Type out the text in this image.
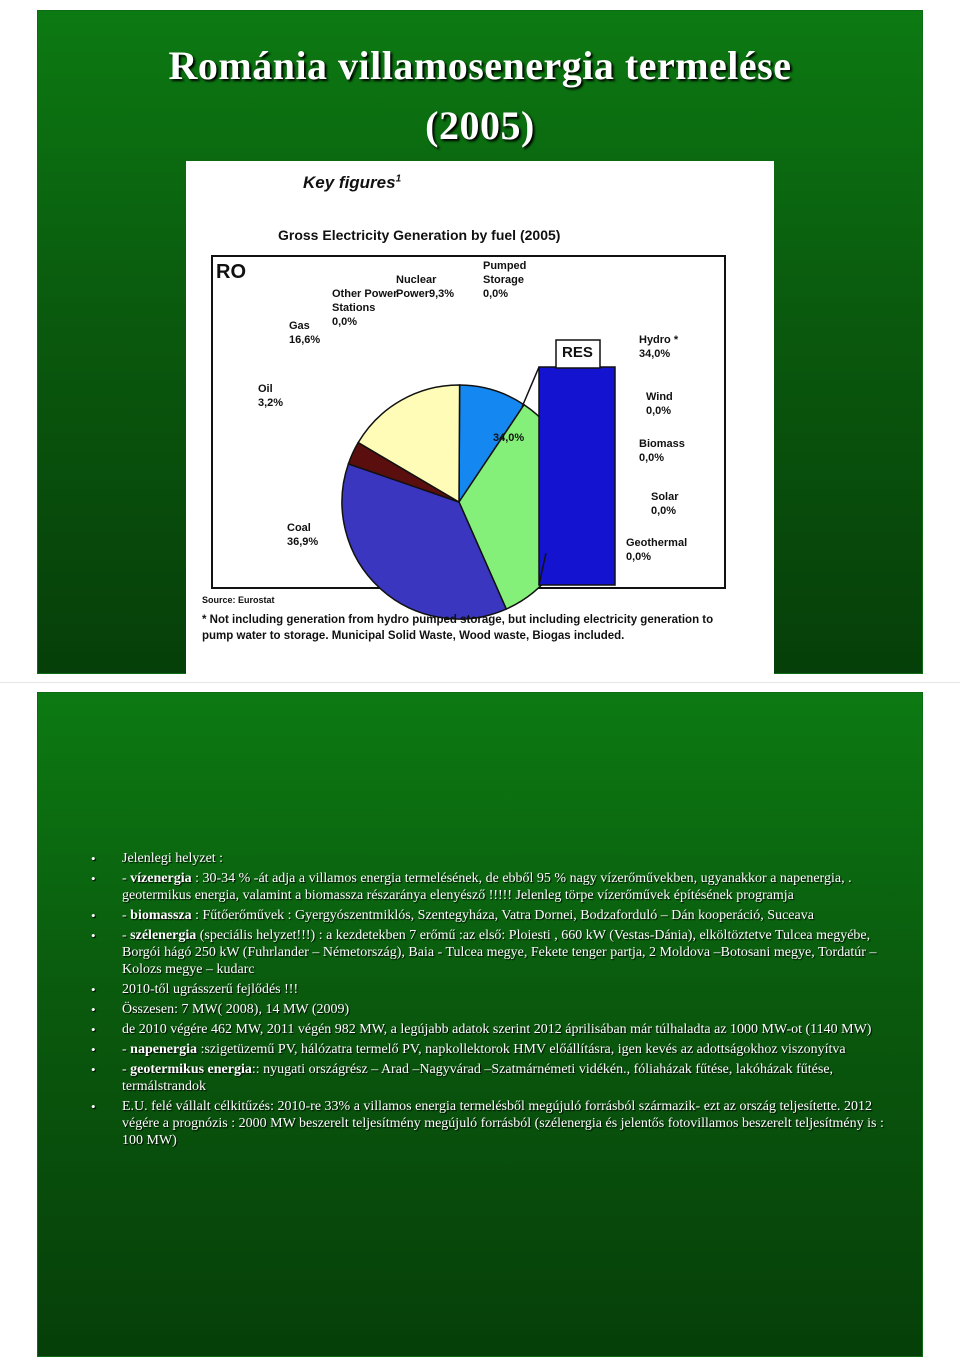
Románia villamosenergia termelése
(2005)
Key figures$^1$
Gross Electricity Generation by fuel (2005)
RO
RES
Nuclear
Power9,3%
Other Power
Stations
0,0%
Pumped
Storage
0,0%
Gas
16,6%
Oil
3,2%
Coal
36,9%
34,0%
Hydro *
34,0%
Wind
0,0%
Biomass
0,0%
Solar
0,0%
Geothermal
0,0%
Source: Eurostat
* Not including generation from hydro pumped storage, but including electricity generation to pump water to storage. Municipal Solid Waste, Wood waste, Biogas included.
• Jelenlegi helyzet :
• - vízenergia : 30-34 % -át adja a villamos energia termelésének, de ebből 95 % nagy vízerőművekben, ugyanakkor a napenergia, . geotermikus energia, valamint a biomassza részaránya elenyésző !!!!! Jelenleg törpe vízerőművek építésének programja
• - biomassza : Fűtőerőművek : Gyergyószentmiklós, Szentegyháza, Vatra Dornei, Bodzaforduló – Dán kooperáció, Suceava
• - szélenergia (speciális helyzet!!!) : a kezdetekben 7 erőmű :az első: Ploiesti , 660 kW (Vestas-Dánia), elköltöztetve Tulcea megyébe, Borgói hágó 250 kW (Fuhrlander – Németország), Baia - Tulcea megye, Fekete tenger partja, 2 Moldova –Botosani megye, Tordatúr –Kolozs megye – kudarc
• 2010-től ugrásszerű fejlődés !!!
• Összesen: 7 MW( 2008), 14 MW (2009)
• de 2010 végére 462 MW, 2011 végén 982 MW, a legújabb adatok szerint 2012 áprilisában már túlhaladta az 1000 MW-ot (1140 MW)
• - napenergia :szigetüzemű PV, hálózatra termelő PV, napkollektorok HMV előállításra, igen kevés az adottságokhoz viszonyítva
• - geotermikus energia:: nyugati országrész – Arad –Nagyvárad –Szatmárnémeti vidékén., fóliaházak fűtése, lakóházak fűtése, termálstrandok
• E.U. felé vállalt célkitűzés: 2010-re 33% a villamos energia termelésből megújuló forrásból származik- ezt az ország teljesítette. 2012 végére a prognózis : 2000 MW beszerelt teljesítmény megújuló forrásból (szélenergia és jelentős fotovillamos beszerelt teljesítmény is : 100 MW)
